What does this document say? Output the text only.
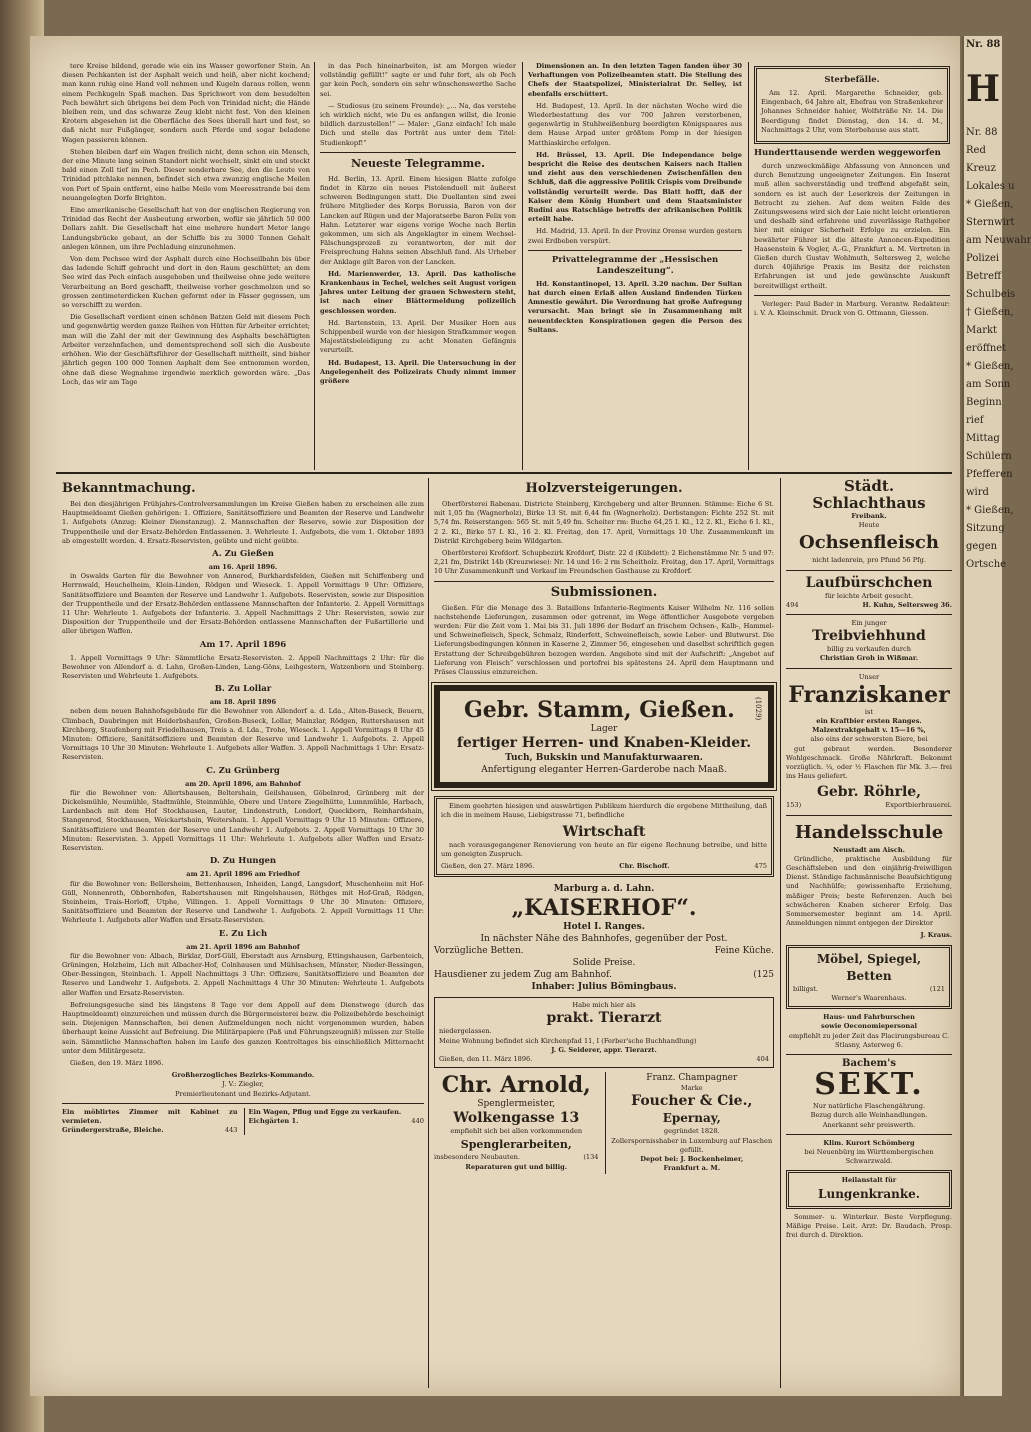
tere Kreise bildend, gerade wie ein ins Wasser geworfener Stein. An diesen Pechkanten ist der Asphalt weich und heiß, aber nicht kochend; man kann ruhig eine Hand voll nehmen und Kugeln daraus rollen, wenn einem Pechkugeln Spaß machen. Das Sprichwort von dem besudelten Pech bewährt sich übrigens bei dem Pech von Trinidad nicht; die Hände bleiben rein, und das schwarze Zeug klebt nicht fest. Von den kleinen Krotern abgesehen ist die Oberfläche des Sees überall hart und fest, so daß nicht nur Fußgänger, sondern auch Pferde und sogar beladene Wagen passieren können.

Stehen bleiben darf ein Wagen freilich nicht, denn schon ein Mensch, der eine Minute lang seinen Standort nicht wechselt, sinkt ein und steckt bald einen Zoll tief im Pech. Dieser sonderbare See, den die Leute von Trinidad pitchlake nennen, befindet sich etwa zwanzig englische Meilen von Port of Spain entfernt, eine halbe Meile vom Meeresstrande bei dem neuangelegten Dorfe Brighton.

Eine amerikanische Gesellschaft hat von der englischen Regierung von Trinidad das Recht der Ausbeutung erworben, wofür sie jährlich 50 000 Dollars zahlt. Die Gesellschaft hat eine mehrere hundert Meter lange Landungsbrücke gebaut, an der Schiffe bis zu 3000 Tonnen Gehalt anlegen können, um ihre Pechladung einzunehmen.

Von dem Pechsee wird der Asphalt durch eine Hochseilbahn bis über das ladende Schiff gebracht und dort in den Raum geschüttet; an dem See wird das Pech einfach ausgehoben und theilweise ohne jede weitere Verarbeitung an Bord geschafft, theilweise vorher geschmolzen und so grossen zentimeterdicken Kuchen geformt oder in Fässer gegossen, um so verschifft zu werden.

Die Gesellschaft verdient einen schönen Batzen Geld mit diesem Pech und gegenwärtig werden ganze Reihen von Hütten für Arbeiter errichtet; man will die Zahl der mit der Gewinnung des Asphalts beschäftigten Arbeiter verzehnfachen, und dementsprechend soll sich die Ausbeute erhöhen. Wie der Geschäftsführer der Gesellschaft mittheilt, sind bisher jährlich gegen 100 000 Tonnen Asphalt dem See entnommen worden, ohne daß diese Wegnahme irgendwie merklich geworden wäre. „Das Loch, das wir am Tage

in das Pech hineinarbeiten, ist am Morgen wieder vollständig gefüllt!“ sagte er und fuhr fort, als ob Pech gar kein Pech, sondern ein sehr wünschenswerthe Sache sei.

— Studiosus (zu seinem Freunde): „... Na, das verstehe ich wirklich nicht, wie Du es anfangen willst, die Ironie bildlich darzustellen!“ — Maler: „Ganz einfach! Ich male Dich und stelle das Porträt aus unter dem Titel: Studienkopf!“

Neueste Telegramme.

Hd. Berlin, 13. April. Einem hiesigen Blatte zufolge findet in Kürze ein neues Pistolenduell mit äußerst schweren Bedingungen statt. Die Duellanten sind zwei frühere Mitglieder des Korps Borussia, Baron von der Lancken auf Rügen und der Majoratserbe Baron Felix von Hahn. Letzterer war eigens vorige Woche nach Berlin gekommen, um sich als Angeklagter in einem Wechsel-Fälschungsprozeß zu verantworten, der mit der Freisprechung Hahns seinen Abschluß fand. Als Urheber der Anklage gilt Baron von der Lancken.

Hd. Marienwerder, 13. April. Das katholische Krankenhaus in Techel, welches seit August vorigen Jahres unter Leitung der grauen Schwestern steht, ist nach einer Blättermeldung polizeilich geschlossen worden.

Hd. Bartenstein, 13. April. Der Musiker Horn aus Schippenbeil wurde von der hiesigen Strafkammer wegen Majestätsbeleidigung zu acht Monaten Gefängnis verurteilt.

Hd. Budapest, 13. April. Die Untersuchung in der Angelegenheit des Polizeirats Chudy nimmt immer größere

Dimensionen an. In den letzten Tagen fanden über 30 Verhaftungen von Polizeibeamten statt. Die Stellung des Chefs der Staatspolizei, Ministerialrat Dr. Selley, ist ebenfalls erschüttert.

Hd. Budapest, 13. April. In der nächsten Woche wird die Wiederbestattung des vor 700 Jahren verstorbenen, gegenwärtig in Stuhlweißenburg beerdigten Königspaares aus dem Hause Arpad unter größtem Pomp in der hiesigen Matthiaskirche erfolgen.

Hd. Brüssel, 13. April. Die Independance belge bespricht die Reise des deutschen Kaisers nach Italien und zieht aus den verschiedenen Zwischenfällen den Schluß, daß die aggressive Politik Crispis vom Dreibunde vollständig verurteilt werde. Das Blatt hofft, daß der Kaiser dem König Humbert und dem Staatsminister Rudini aus Ratschläge betreffs der afrikanischen Politik erteilt habe.

Hd. Madrid, 13. April. In der Provinz Orense wurden gestern zwei Erdbeben verspürt.

Privattelegramme der „Hessischen Landeszeitung“.

Hd. Konstantinopel, 13. April. 3.20 nachm. Der Sultan hat durch einen Erlaß allen Ausland findenden Türken Amnestie gewährt. Die Verordnung hat große Aufregung verursacht. Man bringt sie in Zusammenhang mit neuentdeckten Konspirationen gegen die Person des Sultans.

Sterbefälle.

Am 12. April. Margarethe Schneider, geb. Eingenbach, 64 Jahre alt, Ehefrau von Straßenkehrer Johannes Schneider hahier, Wolfsträße Nr. 14. Die Beerdigung findet Dienstag, den 14. d. M., Nachmittags 2 Uhr, vom Sterbehause aus statt.

Hunderttausende werden weggeworfen

durch unzweckmäßige Abfassung von Annoncen und durch Benutzung ungeeigneter Zeitungen. Ein Inserat muß allen sachverständig und treffend abgefaßt sein, sondern es ist auch der Leserkreis der Zeitungen in Betracht zu ziehen. Auf dem weiten Felde des Zeitungswesens wird sich der Laie nicht leicht orientieren und deshalb sind erfahrene und zuverlässige Rathgeber hier mit einiger Sicherheit Erfolge zu erzielen. Ein bewährter Führer ist die älteste Annoncen-Expedition Haasenstein & Vogler, A.-G., Frankfurt a. M. Vertreten in Gießen durch Gustav Wohlmuth, Seltersweg 2, welche durch 40jährige Praxis im Besitz der reichsten Erfahrungen ist und jede gewünschte Auskunft bereitwilligst ertheilt.

Verleger: Paul Bader in Marburg. Verantw. Redakteur: i. V. A. Kleinschmit. Druck von G. Ottmann, Giessen.

Bekanntmachung.

Bei den diesjährigen Frühjahrs-Controlversammlungen im Kreise Gießen haben zu erscheinen alle zum Hauptmeldeamt Gießen gehörigen: 1. Offiziere, Sanitätsoffiziere und Beamten der Reserve und Landwehr 1. Aufgebots (Anzug: Kleiner Dienstanzug). 2. Mannschaften der Reserve, sowie zur Disposition der Truppentheile und der Ersatz-Behörden Entlassenen. 3. Wehrleute 1. Aufgebots, die vom 1. Oktober 1893 ab eingestellt worden. 4. Ersatz-Reservisten, geübte und nicht geübte.

A. Zu Gießen
am 16. April 1896.

in Oswalds Garten für die Bewohner von Annerod, Burkhardsfelden, Gießen mit Schiffenberg und Herrnwald, Heuchelheim, Klein-Linden, Rödgen und Wieseck. 1. Appell Vormittags 9 Uhr: Offiziere, Sanitätsoffiziere und Beamten der Reserve und Landwehr 1. Aufgebots. Reservisten, sowie zur Disposition der Truppentheile und der Ersatz-Behörden entlassene Mannschaften der Infanterie. 2. Appell Vormittags 11 Uhr: Wehrleute 1. Aufgebots der Infanterie. 3. Appell Nachmittags 2 Uhr: Reservisten, sowie zur Disposition der Truppentheile und der Ersatz-Behörden entlassene Mannschaften der Fußartillerie und aller übrigen Waffen.

Am 17. April 1896

1. Appell Vormittags 9 Uhr: Sämmtliche Ersatz-Reservisten. 2. Appell Nachmittags 2 Uhr: für die Bewohner von Allendorf a. d. Lahn, Großen-Linden, Lang-Göns, Leihgestern, Watzenborn und Steinberg. Reservisten und Wehrleute 1. Aufgebots.

B. Zu Lollar
am 18. April 1896

neben dem neuen Bahnhofsgebäude für die Bewohner von Allendorf a. d. Lda., Alten-Buseck, Beuern, Climbach, Daubringen mit Heiderbshaufen, Großen-Buseck, Lollar, Mainzlar, Rödgen, Ruttershausen mit Kirchberg, Staufenberg mit Friedelhausen, Treis a. d. Lda., Trohe, Wieseck. 1. Appell Vormittags 8 Uhr 45 Minuten: Offiziere, Sanitätsoffiziere und Beamten der Reserve und Landwehr 1. Aufgebots. 2. Appell Vormittags 10 Uhr 30 Minuten: Wehrleute 1. Aufgebots aller Waffen. 3. Appell Nachmittags 1 Uhr: Ersatz-Reservisten.

C. Zu Grünberg
am 20. April 1896, am Bahnhof

für die Bewohner von: Allertshausen, Beltershain, Geilshausen, Göbelnrod, Grünberg mit der Dickelsmühle, Neumühle, Stadtmühle, Steinmühle, Obere und Untere Ziegelhütte, Lumnmühle, Harbach, Lardenbach mit dem Hof Stockhausen, Lauter, Lindenstruth, Londorf, Queckborn, Reinhardshain, Stangenrod, Stockhausen, Weickartshain, Weitershain. 1. Appell Vormittags 9 Uhr 15 Minuten: Offiziere, Sanitätsoffiziere und Beamten der Reserve und Landwehr 1. Aufgebots. 2. Appell Vormittags 10 Uhr 30 Minuten: Reservisten. 3. Appell Vormittags 11 Uhr: Wehrleute 1. Aufgebots aller Waffen und Ersatz-Reservisten.

D. Zu Hungen
am 21. April 1896 am Friedhof

für die Bewohner von: Bellersheim, Bettenhausen, Inheiden, Langd, Langsdorf, Muschenheim mit Hof-Güll, Nonnenroth, Obbornhofen, Rabertshausen mit Ringelshausen, Röthges mit Hof-Graß, Rödgen, Steinheim, Trais-Horloff, Utphe, Villingen. 1. Appell Vormittags 9 Uhr 30 Minuten: Offiziere, Sanitätsoffiziere und Beamten der Reserve und Landwehr 1. Aufgebots. 2. Appell Vormittags 11 Uhr: Wehrleute 1. Aufgebots aller Waffen und Ersatz-Reservisten.

E. Zu Lich
am 21. April 1896 am Bahnhof

für die Bewohner von: Albach, Birklar, Dorf-Güll, Eberstadt aus Arnsburg, Ettingshausen, Garbenteich, Grüningen, Holzheim, Lich mit Albacher-Hof, Colnhausen und Mühlsachsen, Münster, Nieder-Bessingen, Ober-Bessingen, Steinbach. 1. Appell Nachmittags 3 Uhr: Offiziere, Sanitätsoffiziere und Beamten der Reserve und Landwehr 1. Aufgebots. 2. Appell Nachmittags 4 Uhr 30 Minuten: Wehrleute 1. Aufgebots aller Waffen und Ersatz-Reservisten.

Befreiungsgesuche sind bis längstens 8 Tage vor dem Appell auf dem Dienstwege (durch das Hauptmeldeamt) einzureichen und müssen durch die Bürgermeisterei bezw. die Polizeibehörde bescheinigt sein. Diejenigen Mannschaften, bei denen Aufzmeldungen noch nicht vorgenommen wurden, haben überhaupt keine Aussicht auf Befreiung. Die Militärpapiere (Paß und Führungszeugniß) müssen zur Stelle sein. Sämmtliche Mannschaften haben im Laufe des ganzen Kontroltages bis einschließlich Mitternacht unter dem Militärgesetz.

Gießen, den 19. März 1896.

Großherzogliches Bezirks-Kommando.
J. V.: Ziegler,
Premierlieutenant und Bezirks-Adjutant.
Ein möblirtes Zimmer mit Kabinet zu vermieten.
Gründergerstraße, Bleiche.	443
Ein Wagen, Pflug und Egge zu verkaufen.
Eichgärten 1.	440
Holzversteigerungen.

Oberförsterei Rabenau. Districte Steinberg, Kirchgeberg und alter Brunnen. Stämme: Eiche 6 St. mit 1,05 fm (Wagnerholz), Birke 13 St. mit 6,44 fm (Wagnerholz). Derbstangen: Fichte 252 St. mit 5,74 fm. Reiserstangen: 565 St. mit 5,49 fm. Scheiter rm: Buche 64,25 I. Kl., 12 2. Kl., Eiche 6 I. Kl., 2 2. Kl., Birke 57 I. Kl., 16 2. Kl. Freitag, den 17. April, Vormittags 10 Uhr. Zusammenkunft im Distrikt Kirchgeberg beim Wildgarten.

Oberförsterei Krofdorf. Schupbezirk Krofdorf, Distr. 22 d (Kübdett): 2 Eichenstämme Nr. 5 und 97: 2,21 fm, Distrikt 14b (Kreuzwiese): Nr. 14 und 16: 2 rm Scheitholz. Freitag, den 17. April, Vormittags 10 Uhr Zusammenkunft und Verkauf im Freundschen Gasthause zu Krofdorf.

Submissionen.

Gießen. Für die Menage des 3. Bataillons Infanterie-Regiments Kaiser Wilhelm Nr. 116 sollen nachstehende Lieferungen, zusammen oder getrennt, im Wege öffentlicher Ausgebote vergeben werden: Für die Zeit vom 1. Mai bis 31. Juli 1896 der Bedarf an frischem Ochsen-, Kalb-, Hammel- und Schweinefleisch, Speck, Schmalz, Rinderfett, Schweinefleisch, sowie Leber- und Blutwurst. Die Lieferungsbedingungen können in Kaserne 2, Zimmer 56, eingesehen und daselbst schriftlich gegen Erstattung der Schreibgebühren bezogen werden. Angebote sind mit der Aufschrift: „Angebot auf Lieferung von Fleisch“ verschlossen und portofrei bis spätestens 24. April dem Hauptmann und Präses Claussius einzureichen.

Gebr. Stamm, Gießen.	(1029)
Lager
fertiger Herren- und Knaben-Kleider.
Tuch, Bukskin und Manufakturwaaren.
Anfertigung eleganter Herren-Garderobe nach Maaß.

Einem geehrten hiesigen und auswärtigen Publikum hierdurch die ergebene Mittheilung, daß ich die in meinem Hause, Liebigstrasse 71, befindliche

Wirtschaft

nach vorausgegangener Renovierung von heute an für eigene Rechnung betreibe, und bitte um geneigten Zuspruch.

Gießen, den 27. März 1896.	Chr. Bischoff.	475
Marburg a. d. Lahn.
„KAISERHOF“.
Hotel I. Ranges.
In nächster Nähe des Bahnhofes, gegenüber der Post.
Vorzügliche Betten.	Feine Küche.
Solide Preise.
Hausdiener zu jedem Zug am Bahnhof.	(125
Inhaber: Julius Bömingbaus.
Habe mich hier als
prakt. Tierarzt
niedergelassen.
Meine Wohnung befindet sich Kirchenpfad 11, I (Ferber'sche Buchhandlung)
J. G. Seiderer, appr. Tierarzt.
Gießen, den 11. März 1896.	404
Chr. Arnold,
Spenglermeister,
Wolkengasse 13
empfiehlt sich bei allen vorkommenden
Spenglerarbeiten,
insbesondere Neubauten.	(134
Reparaturen gut und billig.
Franz. Champagner
Marke
Foucher & Cie.,
Epernay,
gegründet 1828.
Zollerspornisshaber in Luxemburg auf Flaschen gefüllt.
Depot bei: J. Bockenheimer,
Frankfurt a. M.
Städt. Schlachthaus
Freibank.
Heute
Ochsenfleisch
nicht ladenrein, pro Pfund 56 Pfg.
Laufbürschchen
für leichte Arbeit gesucht.
494	H. Kuhn, Seltersweg 36.
Ein junger
Treibviehhund
billig zu verkaufen durch
Christian Groh in Wißmar.
Unser
Franziskaner
ist
ein Kraftbier ersten Ranges.
Malzextraktgehalt v. 15—16 %,
also eins der schwersten Biere, bei

gut gebraut werden. Besonderer Wohlgeschmack. Große Nährkraft. Bekommt vorzüglich. ¼, oder ½ Flaschen für Mk. 3.— frei ins Haus geliefert.

Gebr. Röhrle,
153)	Exportbierbrauerei.
Handelsschule
Neustadt am Aisch.

Gründliche, praktische Ausbildung für Geschäftsleben und den einjährig-freiwilligen Dienst. Ständige fachmännische Beaufsichtigung und Nachhülfe; gewissenhafte Erziehung, mäßiger Preis; beste Referenzen. Auch bei schwächeren Knaben sicherer Erfolg. Das Sommersemester beginnt am 14. April. Anmeldungen nimmt entgegen der Direktor

J. Kraus.
Möbel, Spiegel, Betten
billigst.	(121
Werner's Waarenhaus.
Haus- und Fahrburschen
sowie Oeconomiepersonal
empfiehlt zu jeder Zeit das Placirungsbureau C. Stlasny, Asterweg 6.
Bachem's
SEKT.
Nur natürliche Flaschengährung.
Bezug durch alle Weinhandlungen.
Anerkannt sehr preiswerth.
Klim. Kurort Schömberg
bei Neuenbürg im Württembergischen Schwarzwald.
Heilanstalt für
Lungenkranke.

Sommer- u. Winterkur. Beste Verpflegung. Mäßige Preise. Leit. Arzt: Dr. Baudach. Prosp. frei durch d. Direktion.

Nr. 88
H
Nr. 88
Red
Kreuz
Lokales u
* Gießen,
Sternwirt
am Neuwahr
Polizei
Betreff
Schulbeis
† Gießen,
Markt
eröffnet
* Gießen,
am Sonn
Beginn
rief
Mittag
Schülern
Pfefferen
wird
* Gießen,
Sitzung
gegen
Ortsche
